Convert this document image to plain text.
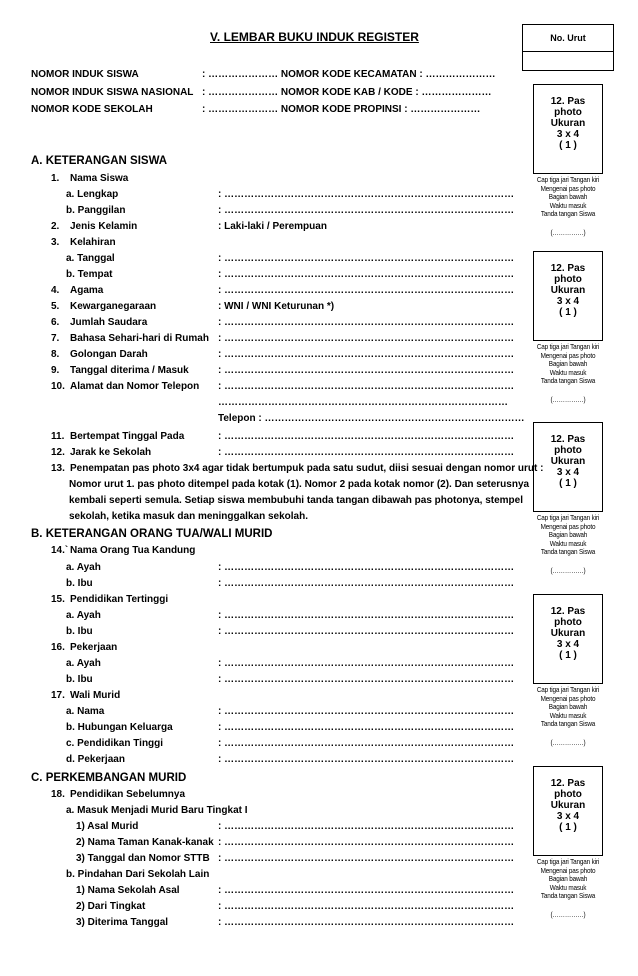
V. LEMBAR BUKU INDUK REGISTER	No. Urut
NOMOR INDUK SISWA	: ………………… NOMOR KODE KECAMATAN : …………………
NOMOR INDUK SISWA NASIONAL : ………………… NOMOR KODE KAB / KODE : …………………
NOMOR KODE SEKOLAH	: ………………… NOMOR KODE PROPINSI : …………………
A. KETERANGAN SISWA
B. KETERANGAN ORANG TUA/WALI MURID
C. PERKEMBANGAN MURID
1. Nama Siswa
a. Lengkap	: ……………………………………………………………………………
b. Panggilan	: ……………………………………………………………………………
2. Jenis Kelamin	: Laki-laki / Perempuan
3. Kelahiran
a. Tanggal	: ……………………………………………………………………………
b. Tempat	: ……………………………………………………………………………
4. Agama	: ……………………………………………………………………………
5. Kewarganegaraan	: WNI / WNI Keturunan *)
6. Jumlah Saudara	: ……………………………………………………………………………
7. Bahasa Sehari-hari di Rumah : ……………………………………………………………………………
8. Golongan Darah	: ……………………………………………………………………………
9. Tanggal diterima / Masuk	: ……………………………………………………………………………
10. Alamat dan Nomor Telepon : ……………………………………………………………………………
……………………………………………………………………………
Telepon : ……………………………………………………………………
11. Bertempat Tinggal Pada	: ……………………………………………………………………………
12. Jarak ke Sekolah	: ……………………………………………………………………………
13. Penempatan pas photo 3x4 agar tidak bertumpuk pada satu sudut, diisi sesuai dengan nomor urut :
Nomor urut 1. pas photo ditempel pada kotak (1). Nomor 2 pada kotak nomor (2). Dan seterusnya
kembali seperti semula. Setiap siswa membubuhi tanda tangan dibawah pas photonya, stempel
sekolah, ketika masuk dan meninggalkan sekolah.
14.` Nama Orang Tua Kandung
a. Ayah	: ……………………………………………………………………………
b. Ibu	: ……………………………………………………………………………
15. Pendidikan Tertinggi
a. Ayah	: ……………………………………………………………………………
b. Ibu	: ……………………………………………………………………………
16. Pekerjaan
a. Ayah	: ……………………………………………………………………………
b. Ibu	: ……………………………………………………………………………
17. Wali Murid
a. Nama	: ……………………………………………………………………………
b. Hubungan Keluarga	: ……………………………………………………………………………
c. Pendidikan Tinggi	: ……………………………………………………………………………
d. Pekerjaan	: ……………………………………………………………………………
18. Pendidikan Sebelumnya
a. Masuk Menjadi Murid Baru Tingkat I
1) Asal Murid	: ……………………………………………………………………………
2) Nama Taman Kanak-kanak : ……………………………………………………………………………
3) Tanggal dan Nomor STTB : ……………………………………………………………………………
b. Pindahan Dari Sekolah Lain
1) Nama Sekolah Asal	: ……………………………………………………………………………
2) Dari Tingkat	: ……………………………………………………………………………
3) Diterima Tanggal	: ……………………………………………………………………………
12. Pas
photo
Ukuran
3 x 4
( 1 )
Cap tiga jari Tangan kiri
Mengenai pas photo
Bagian bawah
Waktu masuk
Tanda tangan Siswa
(……………)
12. Pas
photo
Ukuran
3 x 4
( 1 )
Cap tiga jari Tangan kiri
Mengenai pas photo
Bagian bawah
Waktu masuk
Tanda tangan Siswa
(……………)
12. Pas
photo
Ukuran
3 x 4
( 1 )
Cap tiga jari Tangan kiri
Mengenai pas photo
Bagian bawah
Waktu masuk
Tanda tangan Siswa
(……………)
12. Pas
photo
Ukuran
3 x 4
( 1 )
Cap tiga jari Tangan kiri
Mengenai pas photo
Bagian bawah
Waktu masuk
Tanda tangan Siswa
(……………)
12. Pas
photo
Ukuran
3 x 4
( 1 )
Cap tiga jari Tangan kiri
Mengenai pas photo
Bagian bawah
Waktu masuk
Tanda tangan Siswa
(……………)
